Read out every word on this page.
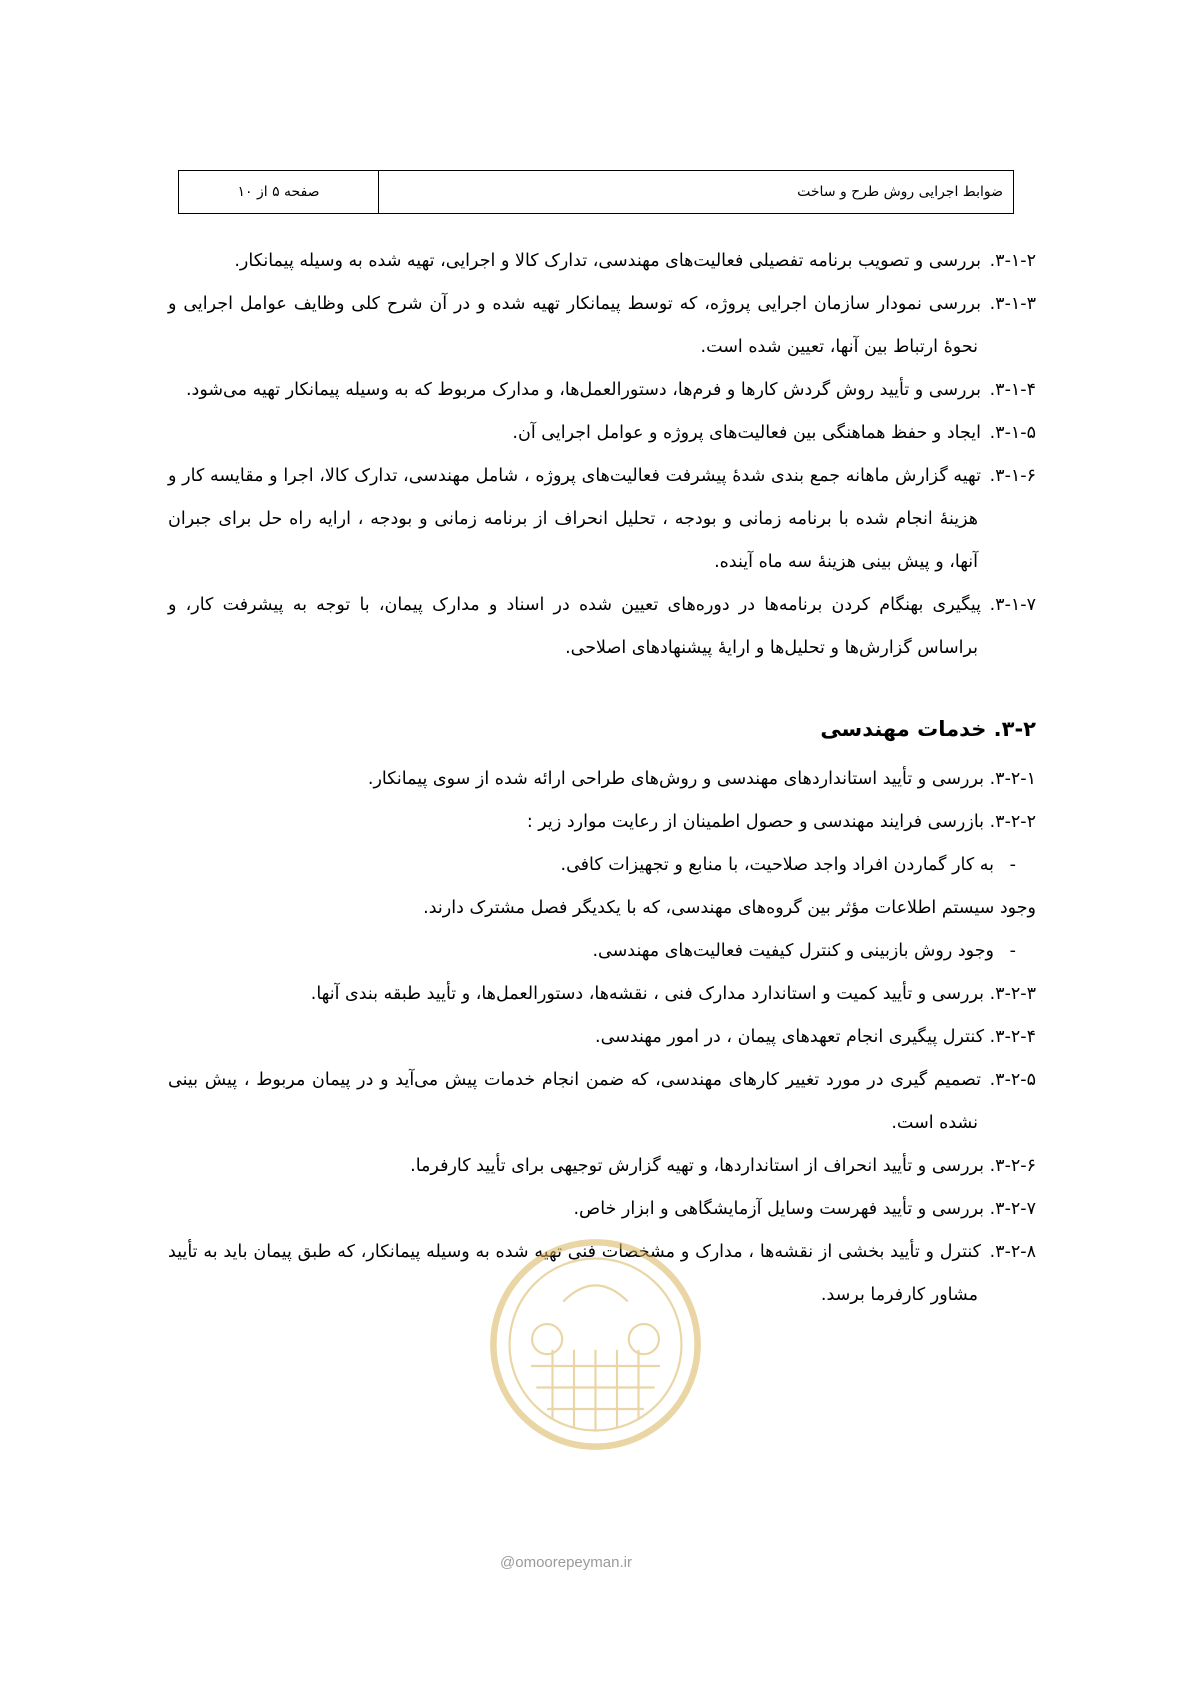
ضوابط اجرایی روش طرح و ساخت
صفحه ۵ از ۱۰

۳-۱-۲.بررسی و تصویب برنامه تفصیلی فعالیت‌های مهندسی، تدارک کالا و اجرایی، تهیه شده به وسیله پیمانکار.

۳-۱-۳.بررسی نمودار سازمان اجرایی پروژه، که توسط پیمانکار تهیه شده و در آن شرح کلی وظایف عوامل اجرایی و نحوهٔ ارتباط بین آنها، تعیین شده است.

۳-۱-۴.بررسی و تأیید روش گردش کارها و فرم‌ها، دستورالعمل‌ها، و مدارک مربوط که به وسیله پیمانکار تهیه می‌شود.

۳-۱-۵.ایجاد و حفظ هماهنگی بین فعالیت‌های پروژه و عوامل اجرایی آن.

۳-۱-۶.تهیه گزارش ماهانه جمع بندی شدهٔ پیشرفت فعالیت‌های پروژه ، شامل مهندسی، تدارک کالا، اجرا و مقایسه کار و هزینهٔ انجام شده با برنامه زمانی و بودجه ، تحلیل انحراف از برنامه زمانی و بودجه ، ارایه راه حل برای جبران آنها، و پیش بینی هزینهٔ سه ماه آینده.

۳-۱-۷.پیگیری بهنگام کردن برنامه‌ها در دوره‌های تعیین شده در اسناد و مدارک پیمان، با توجه به پیشرفت کار، و براساس گزارش‌ها و تحلیل‌ها و ارایهٔ پیشنهادهای اصلاحی.

۳-۲. خدمات مهندسی

۳-۲-۱. بررسی و تأیید استانداردهای مهندسی و روش‌های طراحی ارائه شده از سوی پیمانکار.

۳-۲-۲. بازرسی فرایند مهندسی و حصول اطمینان از رعایت موارد زیر :

-به کار گماردن افراد واجد صلاحیت، با منابع و تجهیزات کافی.

وجود سیستم اطلاعات مؤثر بین گروه‌های مهندسی، که با یکدیگر فصل مشترک دارند.

-وجود روش بازبینی و کنترل کیفیت فعالیت‌های مهندسی.

۳-۲-۳. بررسی و تأیید کمیت و استاندارد مدارک فنی ، نقشه‌ها، دستورالعمل‌ها، و تأیید طبقه بندی آنها.

۳-۲-۴. کنترل پیگیری انجام تعهدهای پیمان ، در امور مهندسی.

۳-۲-۵.تصمیم گیری در مورد تغییر کارهای مهندسی، که ضمن انجام خدمات پیش می‌آید و در پیمان مربوط ، پیش بینی نشده است.

۳-۲-۶. بررسی و تأیید انحراف از استانداردها، و تهیه گزارش توجیهی برای تأیید کارفرما.

۳-۲-۷. بررسی و تأیید فهرست وسایل آزمایشگاهی و ابزار خاص.

۳-۲-۸.کنترل و تأیید بخشی از نقشه‌ها ، مدارک و مشخصات فنی تهیه شده به وسیله پیمانکار، که طبق پیمان باید به تأیید مشاور کارفرما برسد.

@omoorepeyman.ir
